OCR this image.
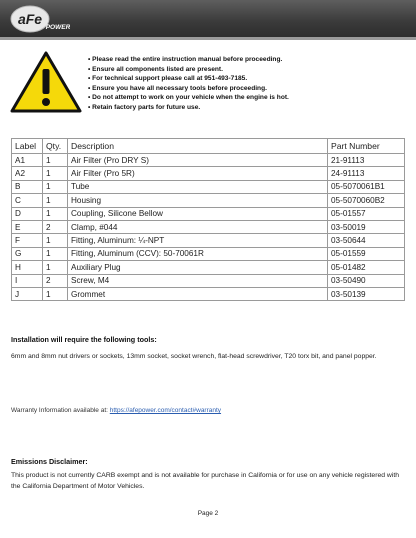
aFe
POWER
• Please read the entire instruction manual before proceeding.
• Ensure all components listed are present.
• For technical support please call at 951-493-7185.
• Ensure you have all necessary tools before proceeding.
• Do not attempt to work on your vehicle when the engine is hot.
• Retain factory parts for future use.
Label	Qty.	Description	Part Number
A1	1	Air Filter (Pro DRY S)	21-91113
A2	1	Air Filter (Pro 5R)	24-91113
B	1	Tube	05-5070061B1
C	1	Housing	05-5070060B2
D	1	Coupling, Silicone Bellow	05-01557
E	2	Clamp, #044	03-50019
F	1	Fitting, Aluminum: ¼-NPT	03-50644
G	1	Fitting, Aluminum (CCV): 50-70061R	05-01559
H	1	Auxiliary Plug	05-01482
I	2	Screw, M4	03-50490
J	1	Grommet	03-50139
Installation will require the following tools:
6mm and 8mm nut drivers or sockets, 13mm socket, socket wrench, flat-head screwdriver, T20 torx bit, and panel popper.
Warranty Information available at: https://afepower.com/contact#warranty
Emissions Disclaimer:
This product is not currently CARB exempt and is not available for purchase in California or for use on any vehicle registered with the California Department of Motor Vehicles.
Page 2
